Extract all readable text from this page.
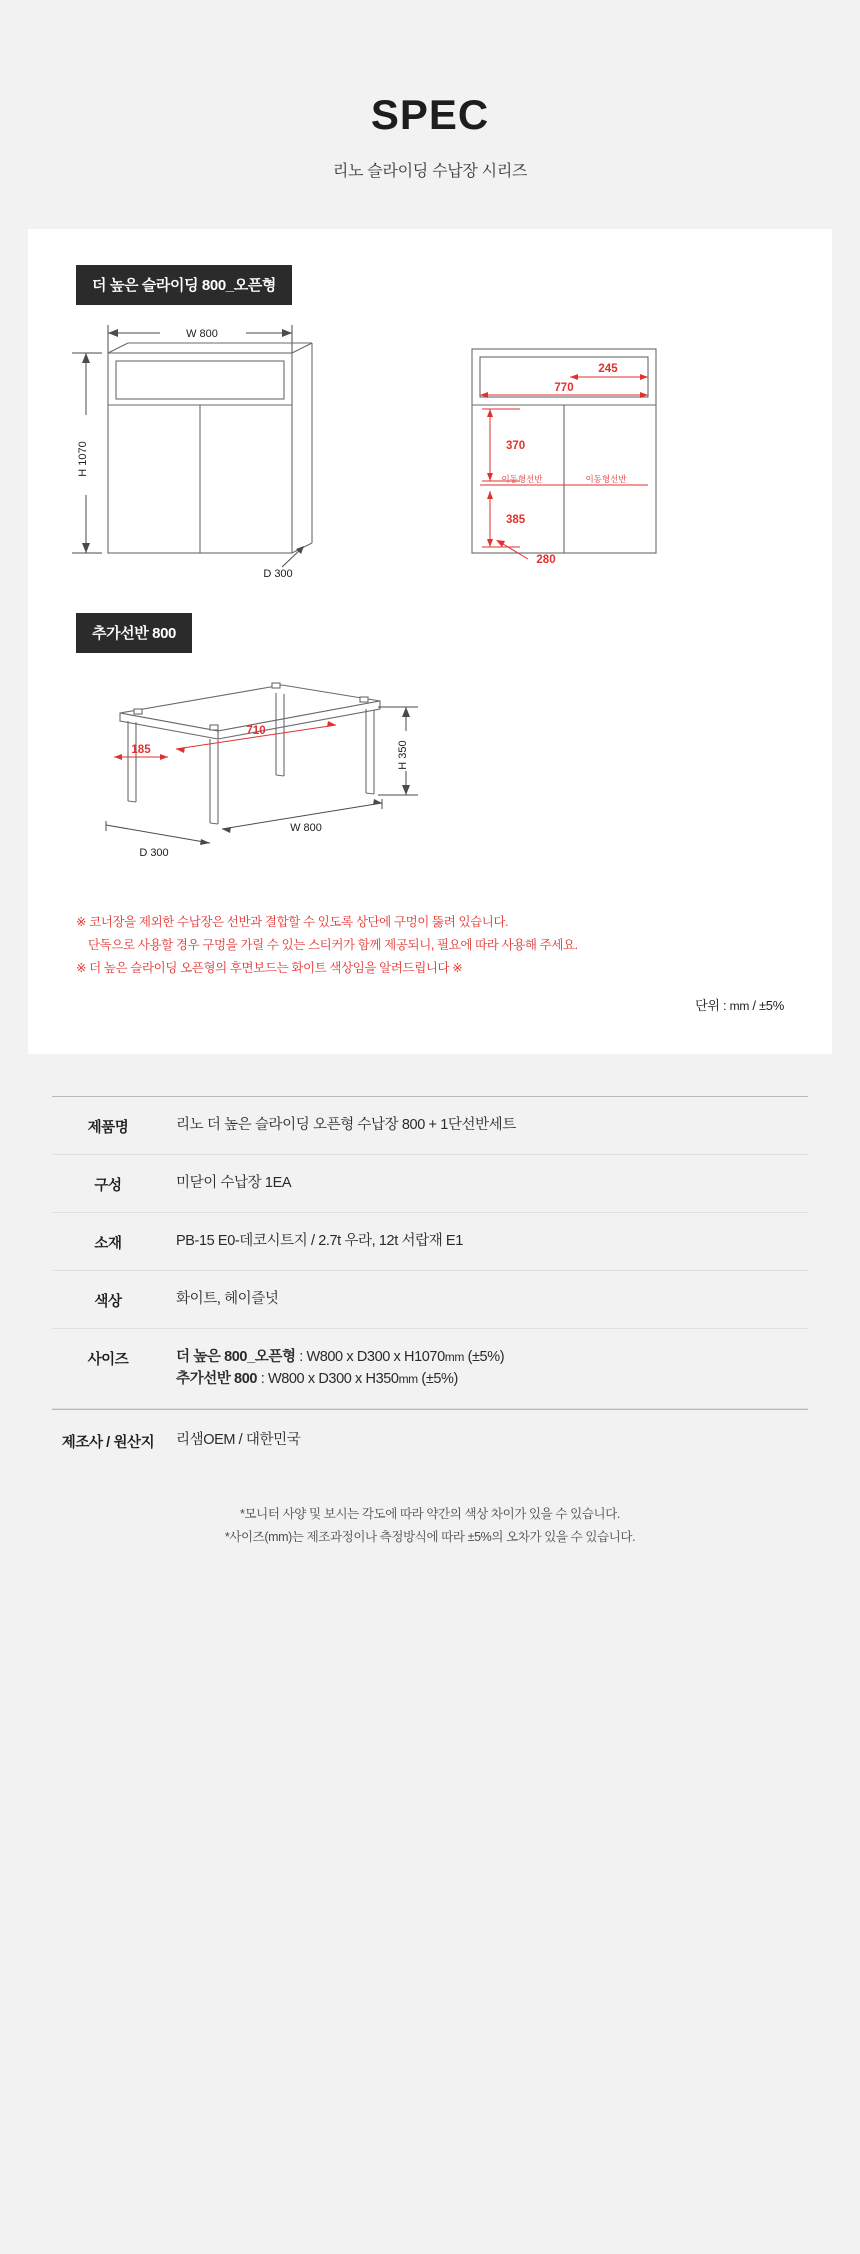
SPEC
리노 슬라이딩 수납장 시리즈
더 높은 슬라이딩 800_오픈형
W 800
H 1070
D 300
245
770
370
이동형선반	이동형선반
385
280
추가선반 800
185
710
H 350
W 800
D 300
※ 코너장을 제외한 수납장은 선반과 결합할 수 있도록 상단에 구멍이 뚫려 있습니다.
단독으로 사용할 경우 구멍을 가릴 수 있는 스티커가 함께 제공되니, 필요에 따라 사용해 주세요.
※ 더 높은 슬라이딩 오픈형의 후면보드는 화이트 색상임을 알려드립니다 ※
단위 : mm / ±5%
제품명	리노 더 높은 슬라이딩 오픈형 수납장 800 + 1단선반세트
구성	미닫이 수납장 1EA
소재	PB-15 E0-데코시트지 / 2.7t 우라, 12t 서랍재 E1
색상	화이트, 헤이즐넛
사이즈	더 높은 800_오픈형 : W800 x D300 x H1070mm (±5%)
추가선반 800 : W800 x D300 x H350mm (±5%)
제조사 / 원산지	리샘OEM / 대한민국
*모니터 사양 및 보시는 각도에 따라 약간의 색상 차이가 있을 수 있습니다.
*사이즈(mm)는 제조과정이나 측정방식에 따라 ±5%의 오차가 있을 수 있습니다.
